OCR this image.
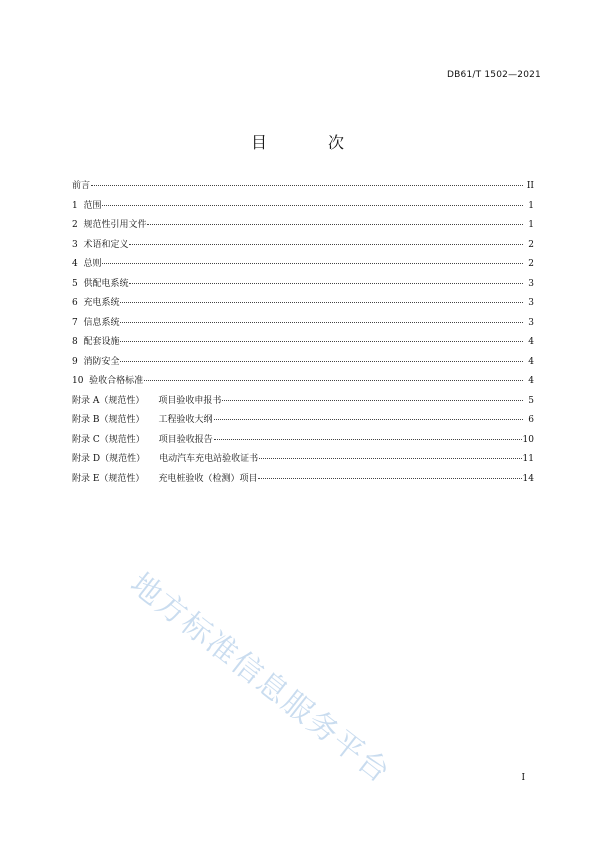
DB61/T 1502—2021
目 次
前言	II
1  范围	1
2  规范性引用文件	1
3  术语和定义	2
4  总则	2
5  供配电系统	3
6  充电系统	3
7  信息系统	3
8  配套设施	4
9  消防安全	4
10  验收合格标准	4
附录 A（规范性） 项目验收申报书	5
附录 B（规范性） 工程验收大纲	6
附录 C（规范性） 项目验收报告	10
附录 D（规范性） 电动汽车充电站验收证书	11
附录 E（规范性） 充电桩验收（检测）项目	14
地方标准信息服务平台	I
